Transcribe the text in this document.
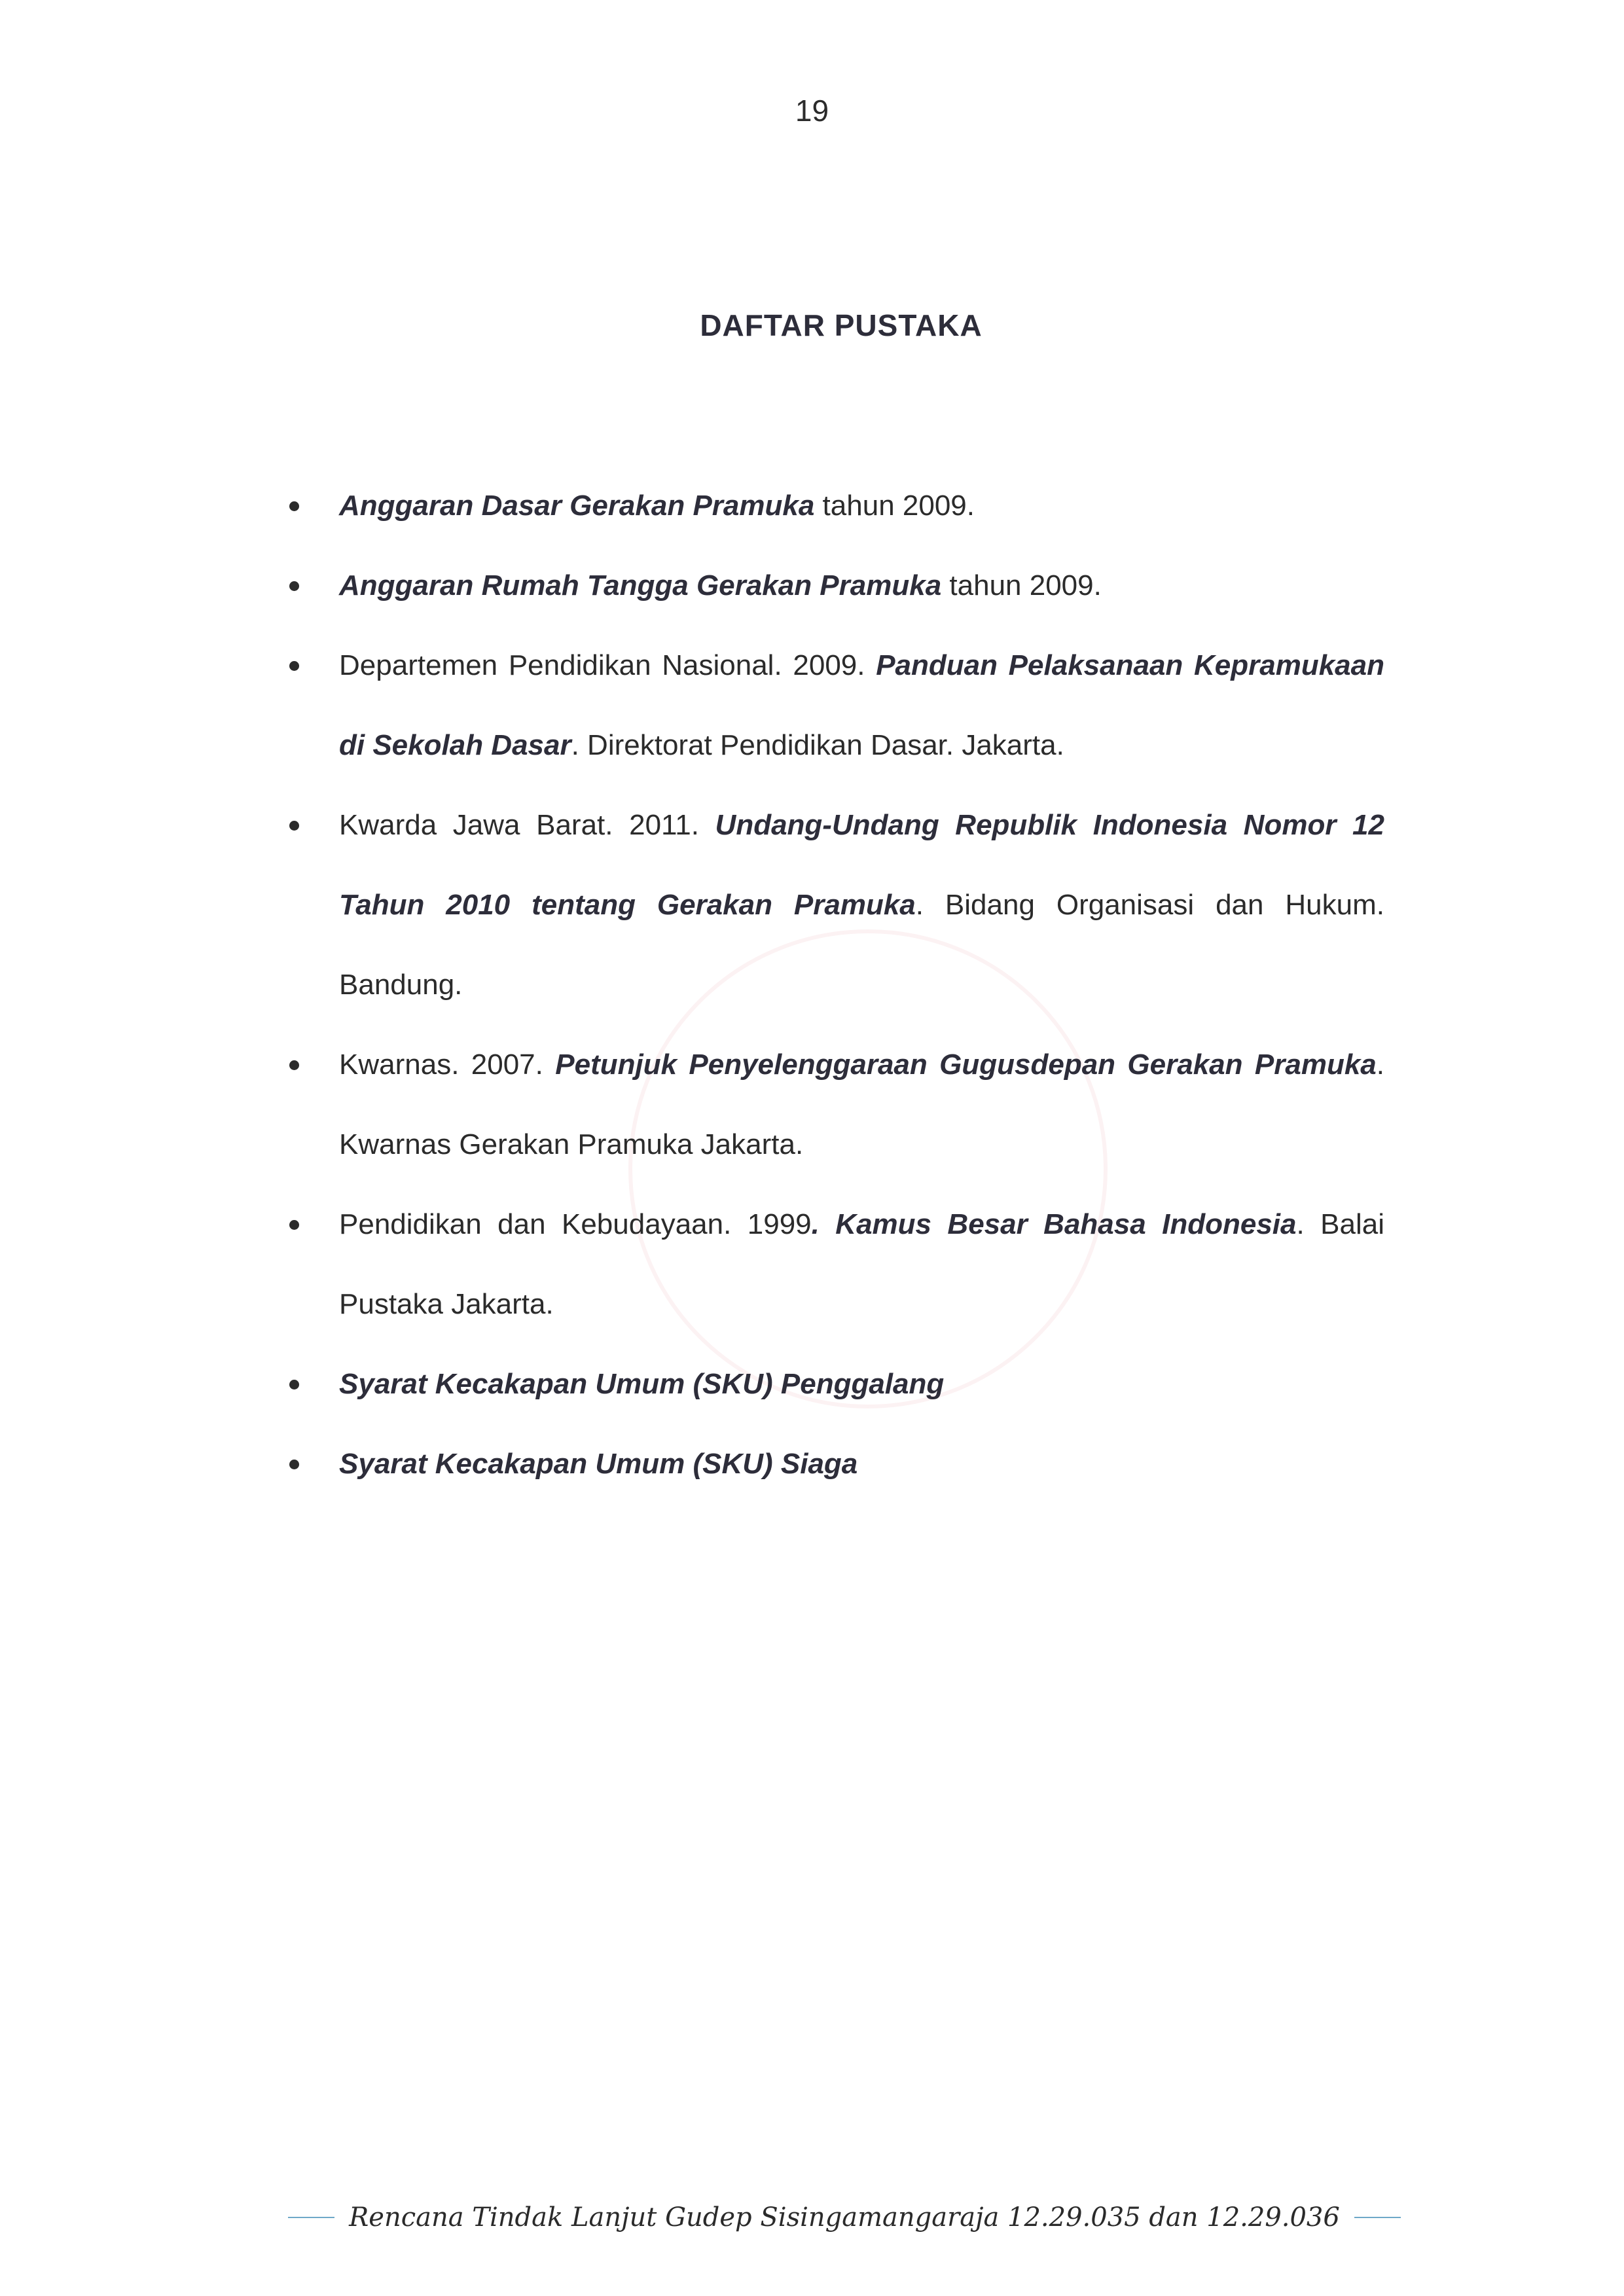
19
DAFTAR PUSTAKA
Anggaran Dasar Gerakan Pramuka tahun 2009.
Anggaran Rumah Tangga Gerakan Pramuka tahun 2009.
Departemen Pendidikan Nasional. 2009. Panduan Pelaksanaan Kepramukaan di Sekolah Dasar. Direktorat Pendidikan Dasar. Jakarta.
Kwarda Jawa Barat. 2011. Undang-Undang Republik Indonesia Nomor 12 Tahun 2010 tentang Gerakan Pramuka. Bidang Organisasi dan Hukum. Bandung.
Kwarnas. 2007. Petunjuk Penyelenggaraan Gugusdepan Gerakan Pramuka. Kwarnas Gerakan Pramuka Jakarta.
Pendidikan dan Kebudayaan. 1999. Kamus Besar Bahasa Indonesia. Balai Pustaka Jakarta.
Syarat Kecakapan Umum (SKU) Penggalang
Syarat Kecakapan Umum (SKU) Siaga
Rencana Tindak Lanjut Gudep Sisingamangaraja 12.29.035 dan 12.29.036
